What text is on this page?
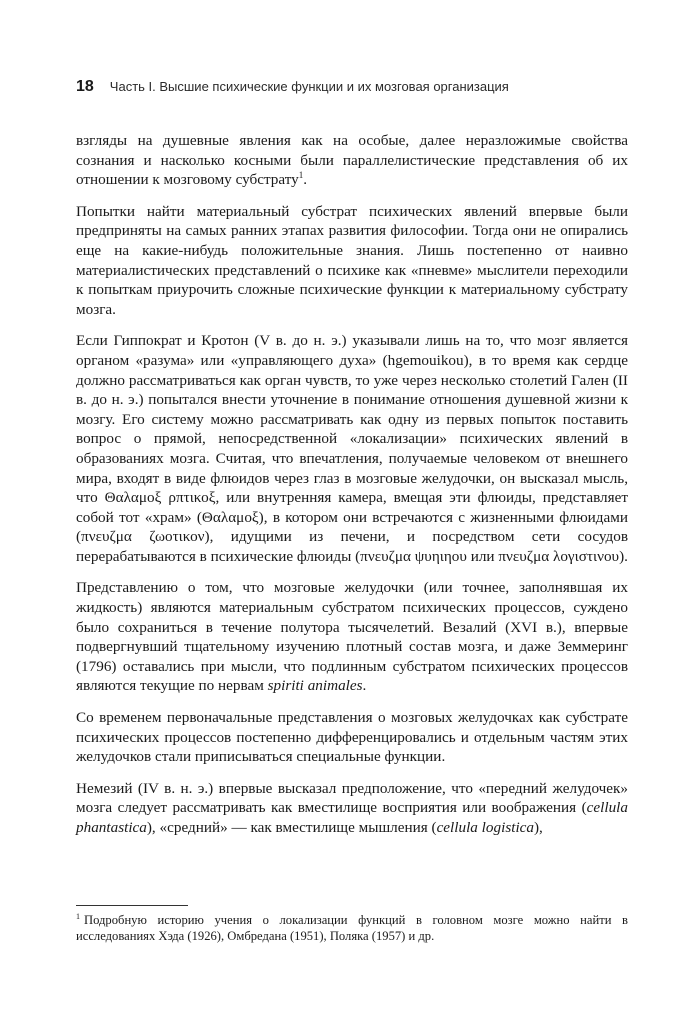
18 Часть I. Высшие психические функции и их мозговая организация

взгляды на душевные явления как на особые, далее неразложимые свойства сознания и насколько косными были параллелистические представления об их отношении к мозговому субстрату$^1$.

Попытки найти материальный субстрат психических явлений впервые были предприняты на самых ранних этапах развития философии. Тогда они не опирались еще на какие-нибудь положительные знания. Лишь постепенно от наивно материалистических представлений о психике как «пневме» мыслители переходили к попыткам приурочить сложные психические функции к материальному субстрату мозга.

Если Гиппократ и Кротон (V в. до н. э.) указывали лишь на то, что мозг является органом «разума» или «управляющего духа» (hgemouikou), в то время как сердце должно рассматриваться как орган чувств, то уже через несколько столетий Гален (II в. до н. э.) попытался внести уточнение в понимание отношения душевной жизни к мозгу. Его систему можно рассматривать как одну из первых попыток поставить вопрос о прямой, непосредственной «локализации» психических явлений в образованиях мозга. Считая, что впечатления, получаемые человеком от внешнего мира, входят в виде флюидов через глаз в мозговые желудочки, он высказал мысль, что Θαλαμοξ ρπτικοξ, или внутренняя камера, вмещая эти флюиды, представляет собой тот «храм» (Θαλαμοξ), в котором они встречаются с жизненными флюидами (πνευζμα ζωοτικον), идущими из печени, и посредством сети сосудов перерабатываются в психические флюиды (πνευζμα ψυηιηου или πνευζμα λογιστινου).

Представлению о том, что мозговые желудочки (или точнее, заполнявшая их жидкость) являются материальным субстратом психических процессов, суждено было сохраниться в течение полутора тысячелетий. Везалий (XVI в.), впервые подвергнувший тщательному изучению плотный состав мозга, и даже Земмеринг (1796) оставались при мысли, что подлинным субстратом психических процессов являются текущие по нервам spiriti animales.

Со временем первоначальные представления о мозговых желудочках как субстрате психических процессов постепенно дифференцировались и отдельным частям этих желудочков стали приписываться специальные функции.

Немезий (IV в. н. э.) впервые высказал предположение, что «передний желудочек» мозга следует рассматривать как вместилище восприятия или воображения (cellula phantastica), «средний» — как вместилище мышления (cellula logistica),

$^1$ Подробную историю учения о локализации функций в головном мозге можно найти в исследованиях Хэда (1926), Омбредана (1951), Поляка (1957) и др.
